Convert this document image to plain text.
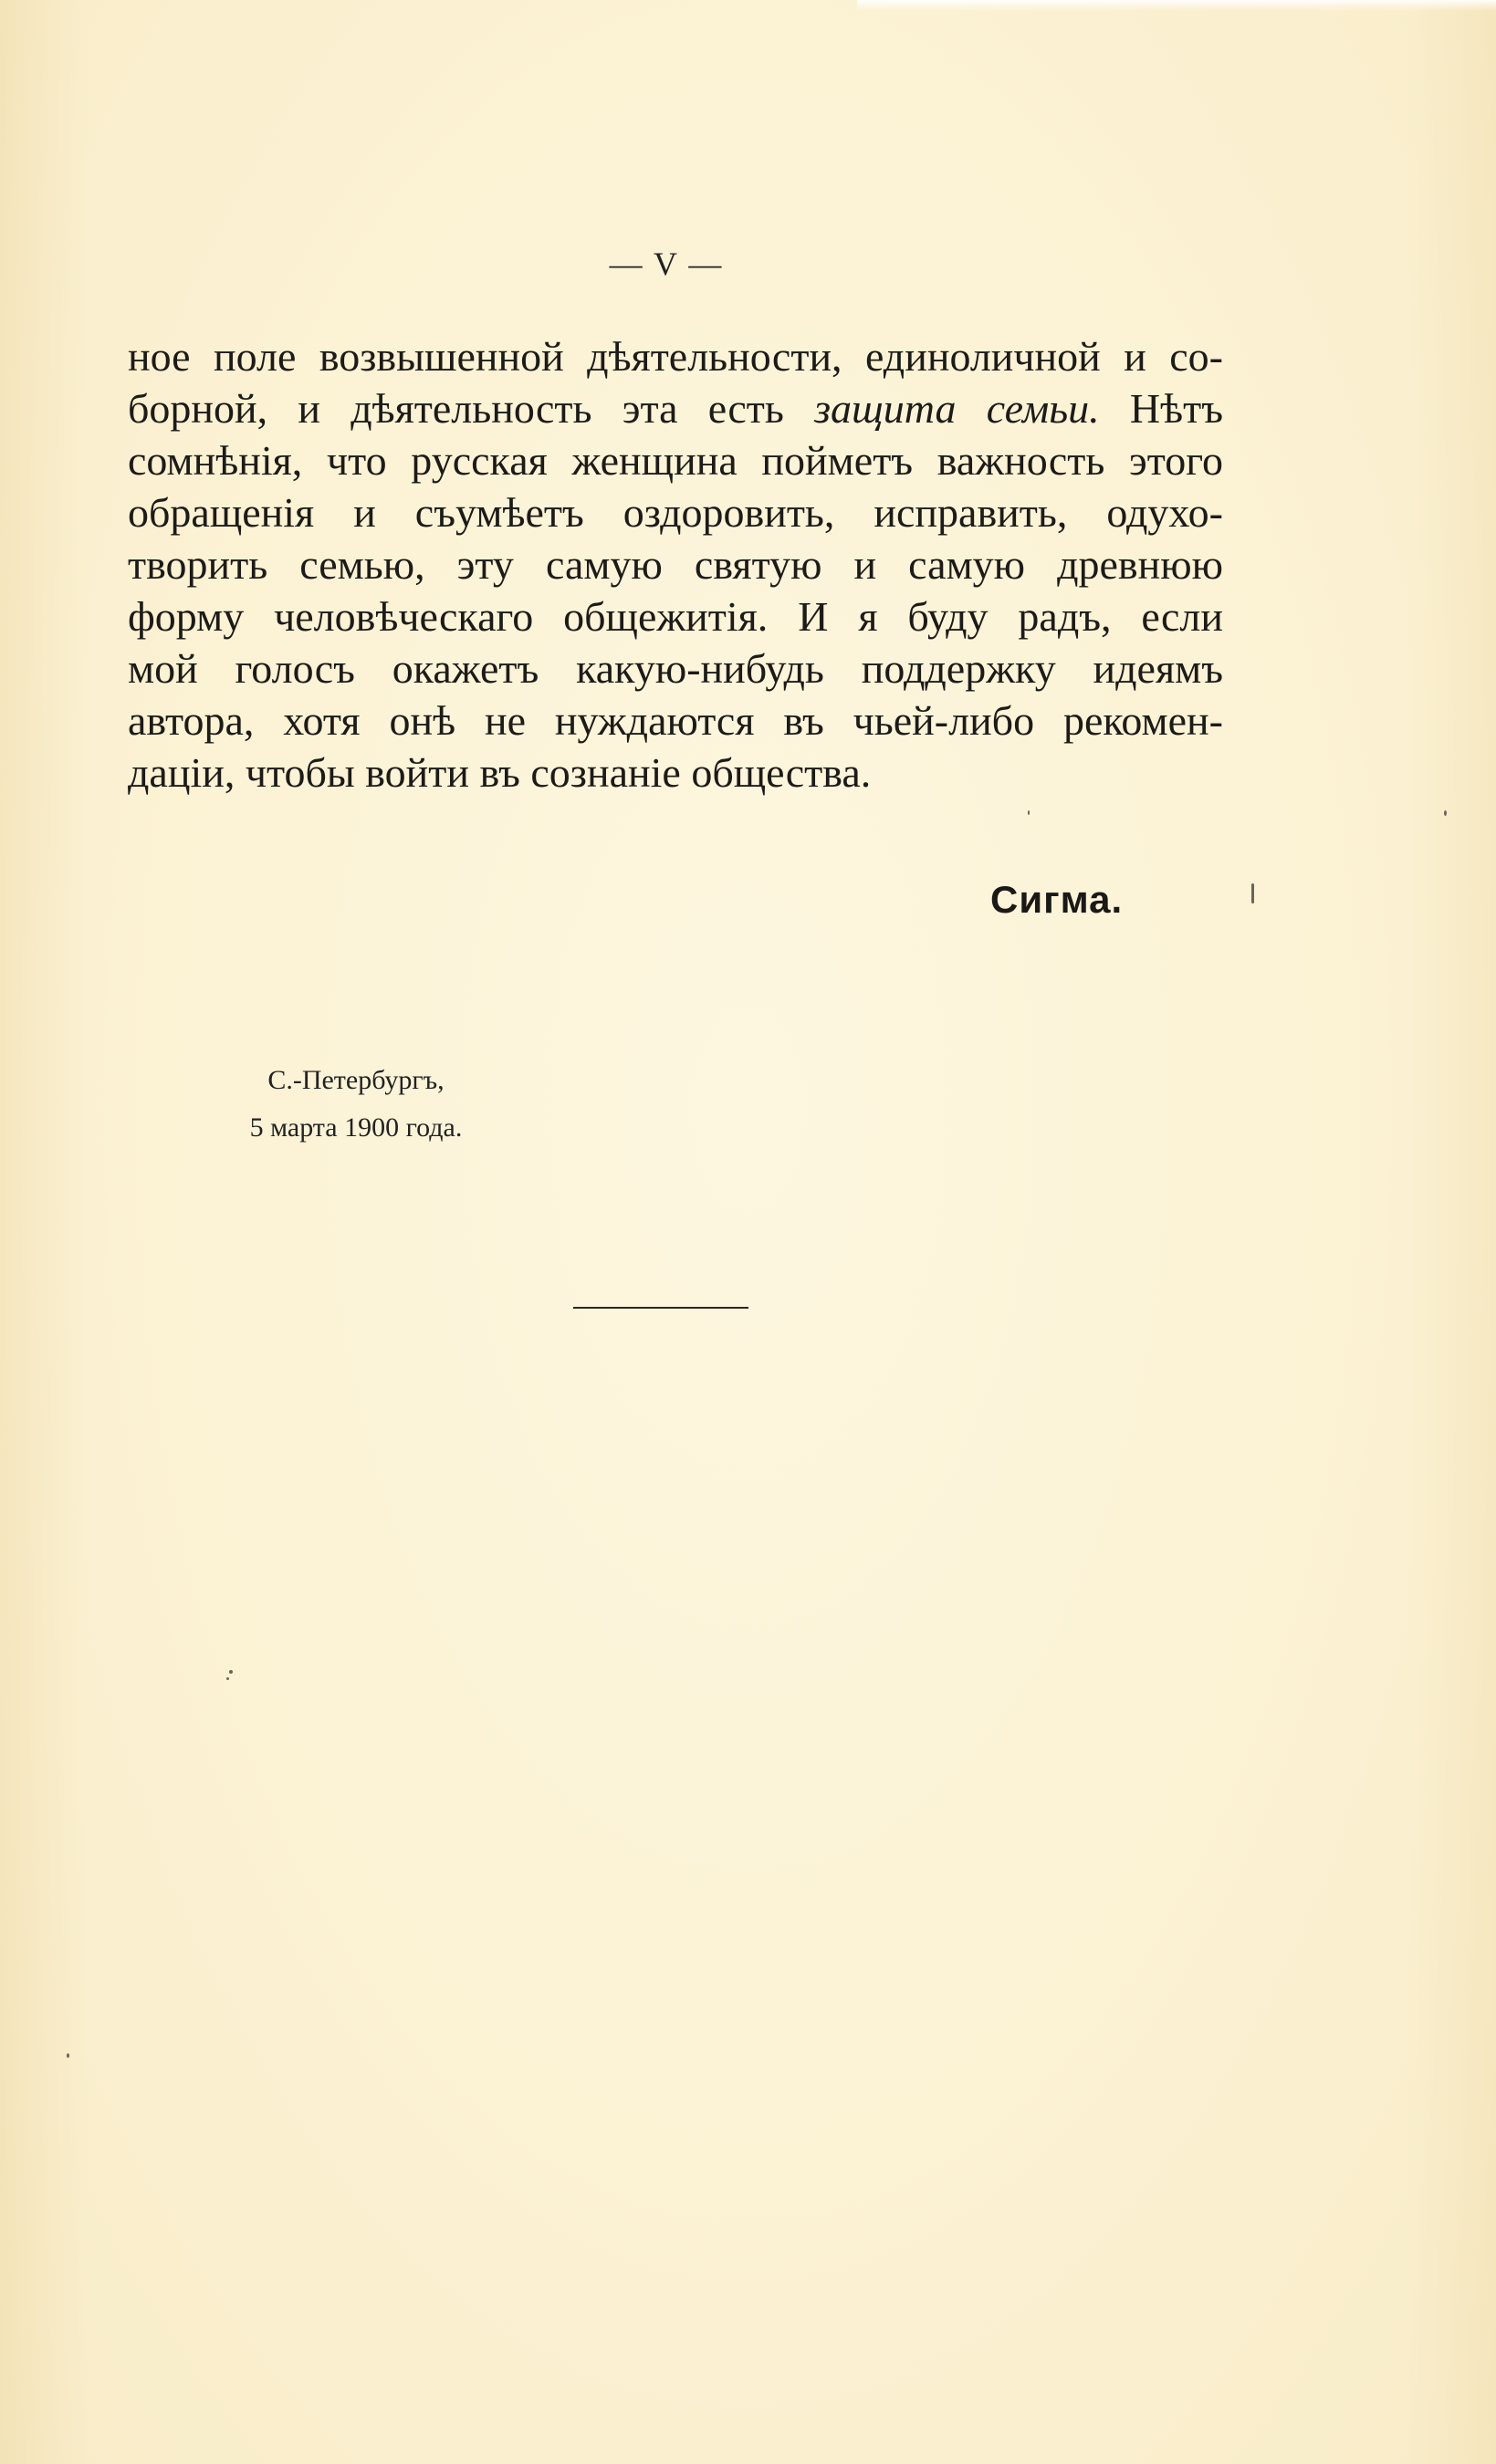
— V —
ное поле возвышенной дѣятельности, единоличной и со-
борной, и дѣятельность эта есть защита семьи. Нѣтъ
сомнѣнія, что русская женщина пойметъ важность этого
обращенія и съумѣетъ оздоровить, исправить, одухо-
творить семью, эту самую святую и самую древнюю
форму человѣческаго общежитія. И я буду радъ, если
мой голосъ окажетъ какую-нибудь поддержку идеямъ
автора, хотя онѣ не нуждаются въ чьей-либо рекомен-
даціи, чтобы войти въ сознаніе общества.
Сигма.
С.-Петербургъ,
5 марта 1900 года.
